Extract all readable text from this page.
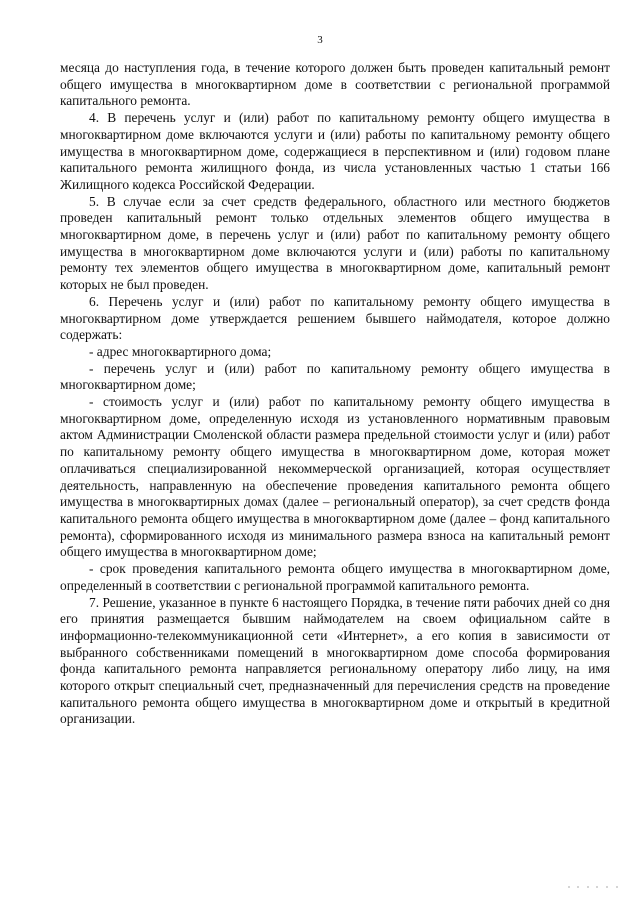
3

месяца до наступления года, в течение которого должен быть проведен капитальный ремонт общего имущества в многоквартирном доме в соответствии с региональной программой капитального ремонта.

4. В перечень услуг и (или) работ по капитальному ремонту общего имущества в многоквартирном доме включаются услуги и (или) работы по капитальному ремонту общего имущества в многоквартирном доме, содержащиеся в перспективном и (или) годовом плане капитального ремонта жилищного фонда, из числа установленных частью 1 статьи 166 Жилищного кодекса Российской Федерации.

5. В случае если за счет средств федерального, областного или местного бюджетов проведен капитальный ремонт только отдельных элементов общего имущества в многоквартирном доме, в перечень услуг и (или) работ по капитальному ремонту общего имущества в многоквартирном доме включаются услуги и (или) работы по капитальному ремонту тех элементов общего имущества в многоквартирном доме, капитальный ремонт которых не был проведен.

6. Перечень услуг и (или) работ по капитальному ремонту общего имущества в многоквартирном доме утверждается решением бывшего наймодателя, которое должно содержать:

- адрес многоквартирного дома;

- перечень услуг и (или) работ по капитальному ремонту общего имущества в многоквартирном доме;

- стоимость услуг и (или) работ по капитальному ремонту общего имущества в многоквартирном доме, определенную исходя из установленного нормативным правовым актом Администрации Смоленской области размера предельной стоимости услуг и (или) работ по капитальному ремонту общего имущества в многоквартирном доме, которая может оплачиваться специализированной некоммерческой организацией, которая осуществляет деятельность, направленную на обеспечение проведения капитального ремонта общего имущества в многоквартирных домах (далее – региональный оператор), за счет средств фонда капитального ремонта общего имущества в многоквартирном доме (далее – фонд капитального ремонта), сформированного исходя из минимального размера взноса на капитальный ремонт общего имущества в многоквартирном доме;

- срок проведения капитального ремонта общего имущества в многоквартирном доме, определенный в соответствии с региональной программой капитального ремонта.

7. Решение, указанное в пункте 6 настоящего Порядка, в течение пяти рабочих дней со дня его принятия размещается бывшим наймодателем на своем официальном сайте в информационно-телекоммуникационной сети «Интернет», а его копия в зависимости от выбранного собственниками помещений в многоквартирном доме способа формирования фонда капитального ремонта направляется региональному оператору либо лицу, на имя которого открыт специальный счет, предназначенный для перечисления средств на проведение капитального ремонта общего имущества в многоквартирном доме и открытый в кредитной организации.
